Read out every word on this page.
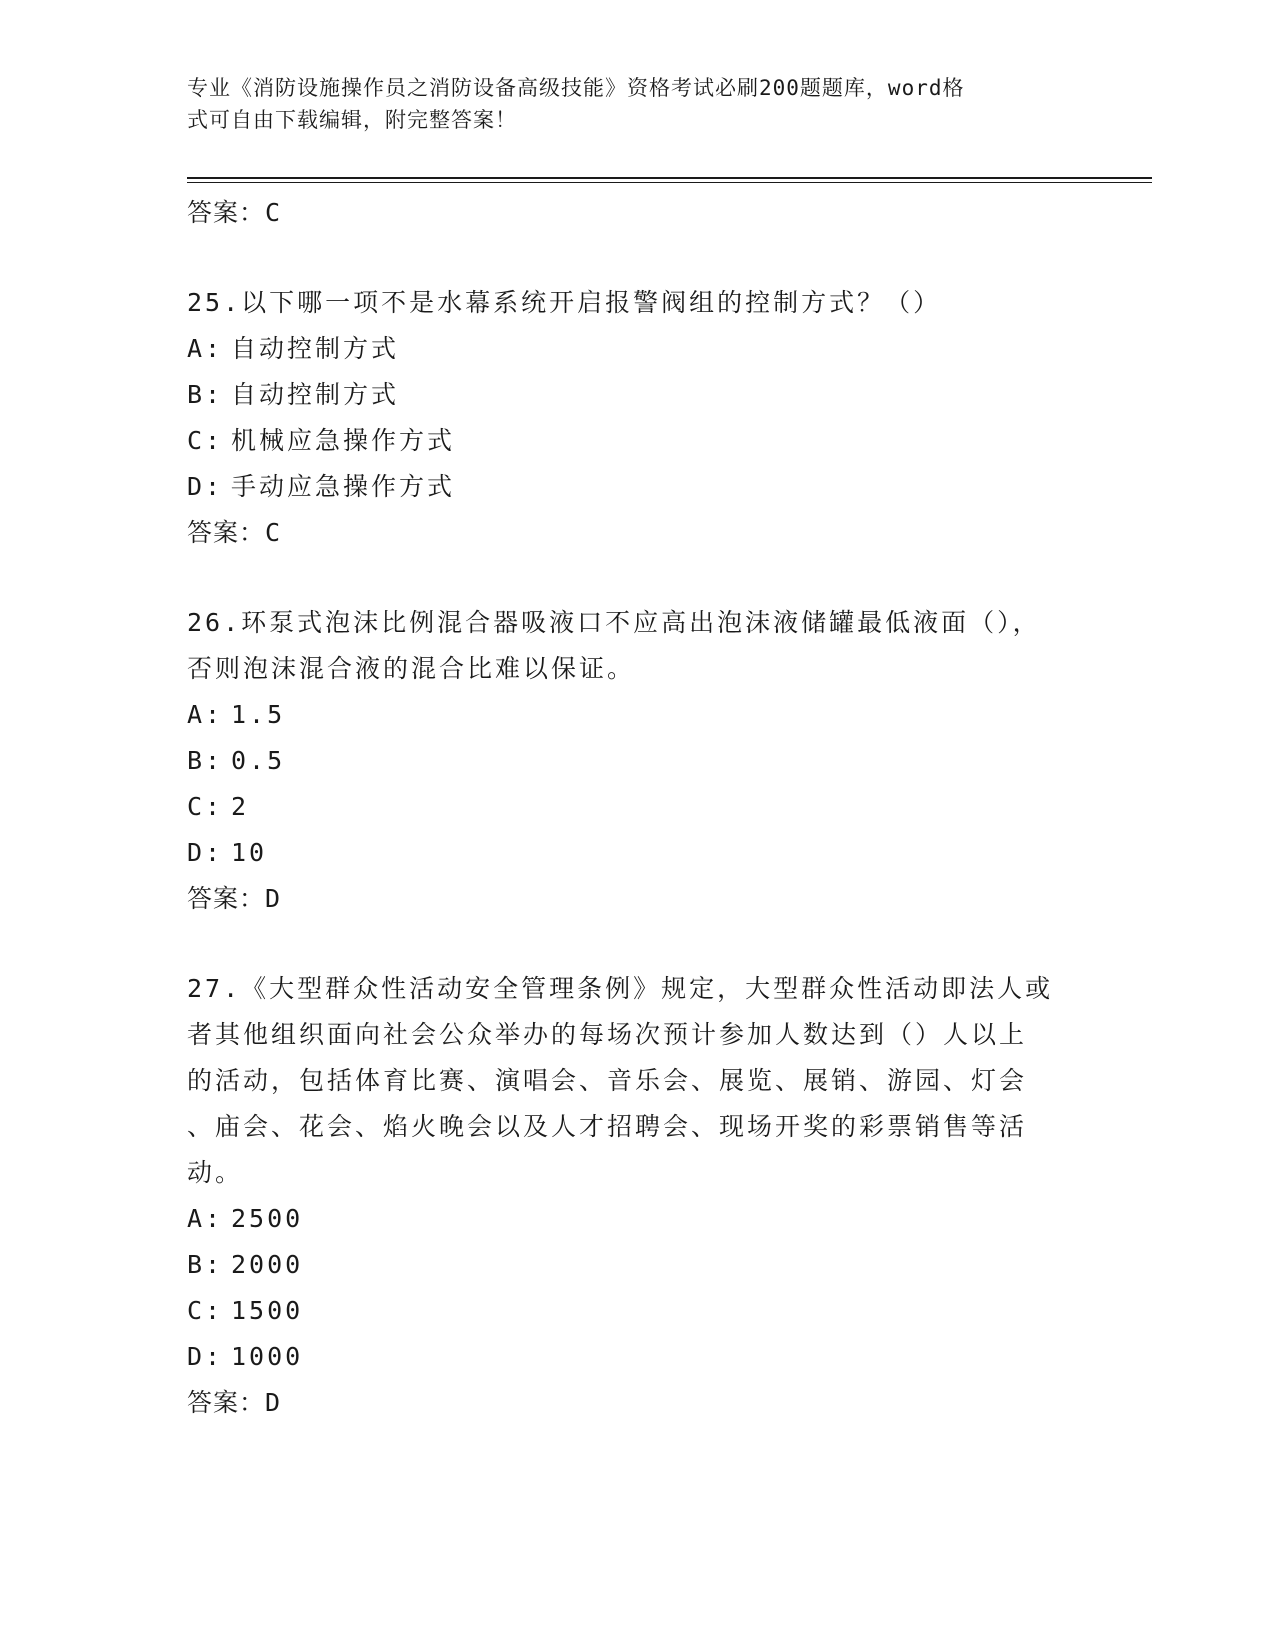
专业《消防设施操作员之消防设备高级技能》资格考试必刷200题题库，word格
式可自由下载编辑，附完整答案！
答案：C
25.以下哪一项不是水幕系统开启报警阀组的控制方式？（）
A: 自动控制方式
B: 自动控制方式
C: 机械应急操作方式
D: 手动应急操作方式
答案：C
26.环泵式泡沫比例混合器吸液口不应高出泡沫液储罐最低液面（），
否则泡沫混合液的混合比难以保证。
A: 1.5
B: 0.5
C: 2
D: 10
答案：D
27.《大型群众性活动安全管理条例》规定，大型群众性活动即法人或
者其他组织面向社会公众举办的每场次预计参加人数达到（）人以上
的活动，包括体育比赛、演唱会、音乐会、展览、展销、游园、灯会
、庙会、花会、焰火晚会以及人才招聘会、现场开奖的彩票销售等活
动。
A: 2500
B: 2000
C: 1500
D: 1000
答案：D
